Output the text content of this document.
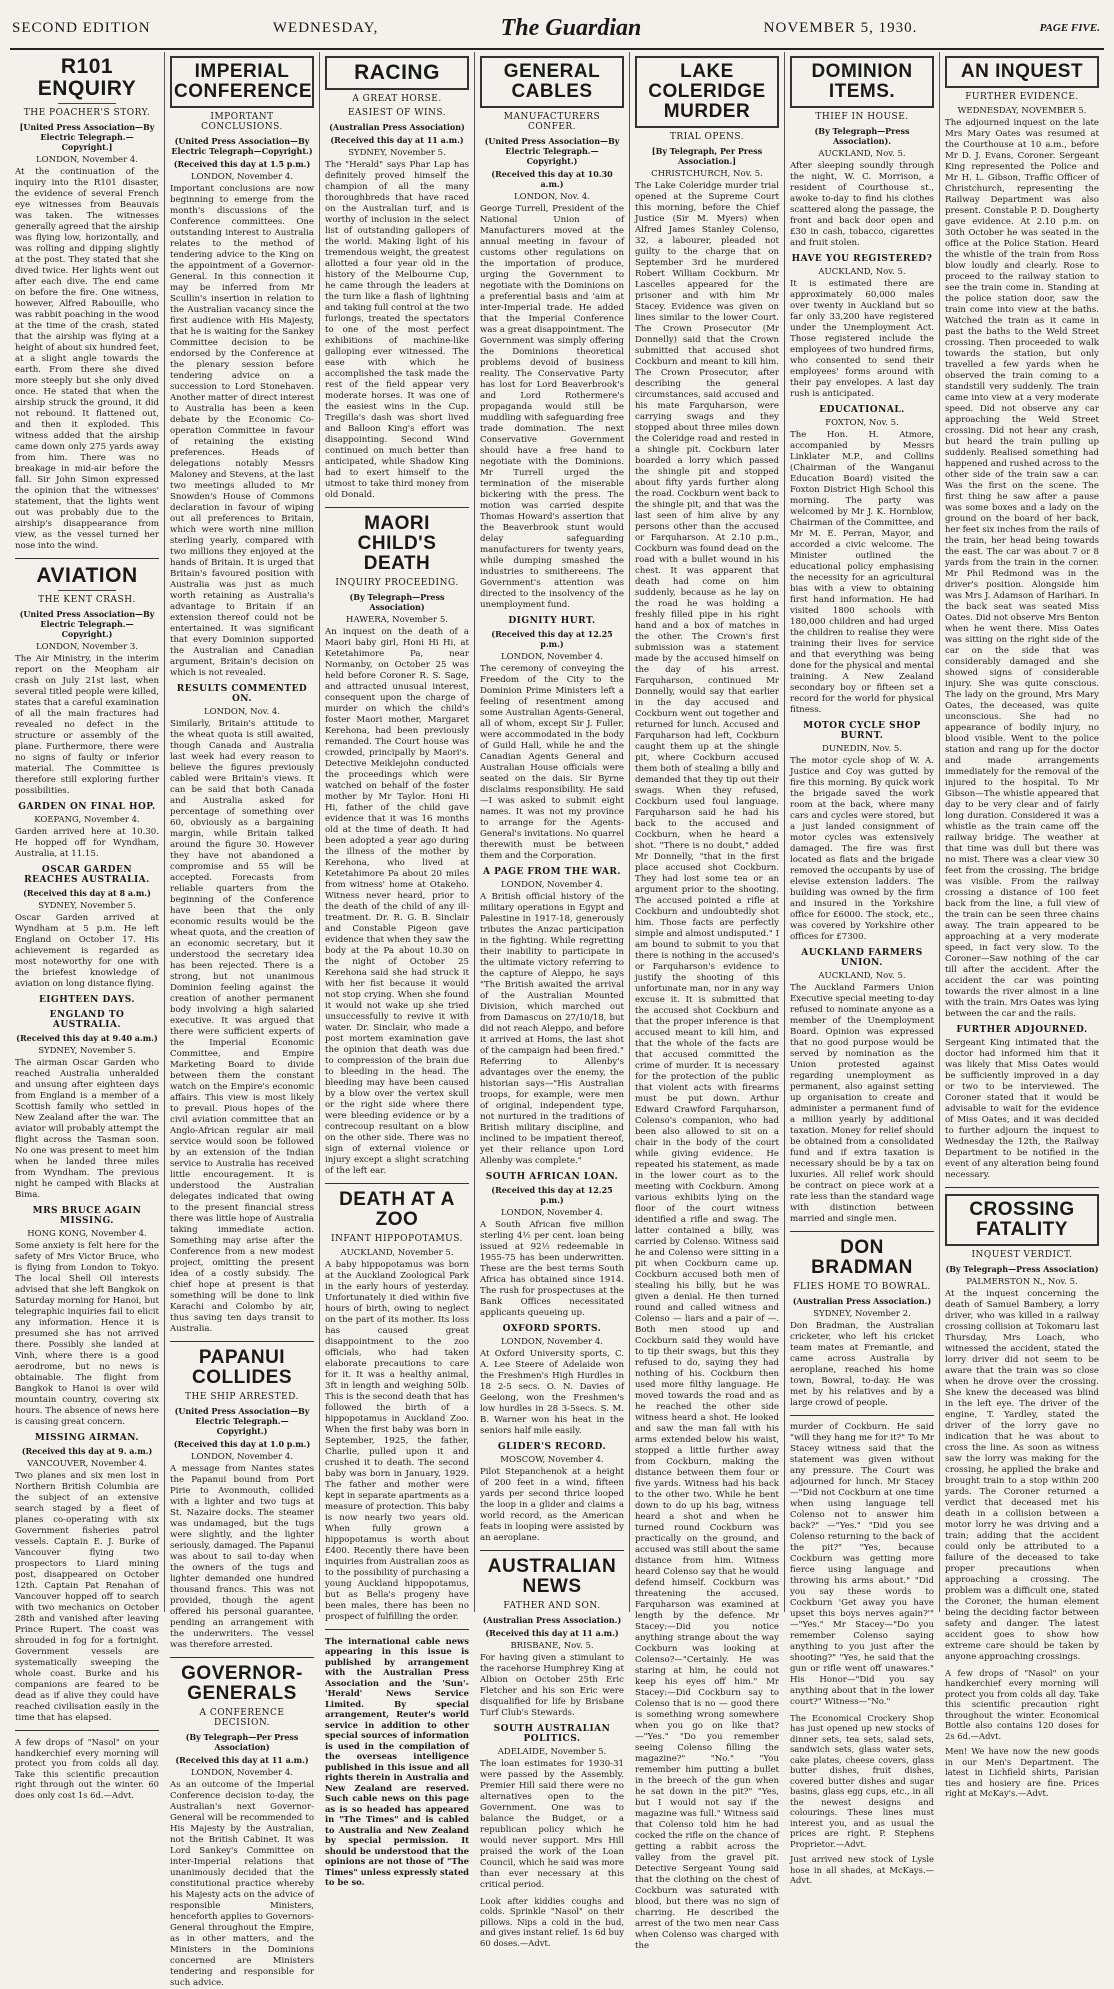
SECOND EDITION	WEDNESDAY,	The Guardian	NOVEMBER 5, 1930.	PAGE FIVE.
R101 ENQUIRY
THE POACHER'S STORY.
[United Press Association—By Electric Telegraph.—Copyright.]
LONDON, November 4.
At the continuation of the inquiry into the R101 disaster, the evidence of several French eye witnesses from Beauvais was taken. The witnesses generally agreed that the airship was flying low, horizontally, and was rolling and dipping slightly at the post. They stated that she dived twice. Her lights went out after each dive. The end came on before the fire. One witness, however, Alfred Rabouille, who was rabbit poaching in the wood at the time of the crash, stated that the airship was flying at a height of about six hundred feet, at a slight angle towards the earth. From there she dived more steeply but she only dived once. He stated that when the airship struck the ground, it did not rebound. It flattened out, and then it exploded. This witness added that the airship came down only 275 yards away from him. There was no breakage in mid-air before the fall. Sir John Simon expressed the opinion that the witnesses' statement, that the lights went out was probably due to the airship's disappearance from view, as the vessel turned her nose into the wind.
AVIATION
THE KENT CRASH.
(United Press Association—By Electric Telegraph.—Copyright.)
LONDON, November 3.
The Air Ministry, in the interim report on the Meopham air crash on July 21st last, when several titled people were killed, states that a careful examination of all the main fractures had revealed no defect in the structure or assembly of the plane. Furthermore, there were no signs of faulty or inferior material. The Committee is therefore still exploring further possibilities.
GARDEN ON FINAL HOP.
KOEPANG, November 4.
Garden arrived here at 10.30. He hopped off for Wyndham, Australia, at 11.15.
OSCAR GARDEN REACHES AUSTRALIA.
(Received this day at 8 a.m.)
SYDNEY, November 5.
Oscar Garden arrived at Wyndham at 5 p.m. He left England on October 17. His achievement is regarded as most noteworthy for one with the briefest knowledge of aviation on long distance flying.
EIGHTEEN DAYS.
ENGLAND TO AUSTRALIA.
(Received this day at 9.40 a.m.)
SYDNEY, November 5.
The airman Oscar Garden who reached Australia unheralded and unsung after eighteen days from England is a member of a Scottish family who settled in New Zealand after the war. The aviator will probably attempt the flight across the Tasman soon. No one was present to meet him when he landed three miles from Wyndham. The previous night he camped with Blacks at Bima.
MRS BRUCE AGAIN MISSING.
HONG KONG, November 4.
Some anxiety is felt here for the safety of Mrs Victor Bruce, who is flying from London to Tokyo. The local Shell Oil interests advised that she left Bangkok on Saturday morning for Hanoi, but telegraphic inquiries fail to elicit any information. Hence it is presumed she has not arrived there. Possibly she landed at Vinh, where there is a good aerodrome, but no news is obtainable. The flight from Bangkok to Hanoi is over wild mountain country, covering six hours. The absence of news here is causing great concern.
MISSING AIRMAN.
(Received this day at 9. a.m.)
VANCOUVER, November 4.
Two planes and six men lost in Northern British Columbia are the subject of an extensive search staged by a fleet of planes co-operating with six Government fisheries patrol vessels. Captain E. J. Burke of Vancouver flying two prospectors to Liard mining post, disappeared on October 12th. Captain Pat Renahan of Vancouver hopped off to search with two mechanics on October 28th and vanished after leaving Prince Rupert. The coast was shrouded in fog for a fortnight. Government vessels are systematically sweeping the whole coast. Burke and his companions are feared to be dead as if alive they could have reached civilisation easily in the time that has elapsed.
A few drops of "Nasol" on your handkerchief every morning will protect you from colds all day. Take this scientific precaution right through out the winter. 60 does only cost 1s 6d.—Advt.
IMPERIAL CONFERENCE
IMPORTANT CONCLUSIONS.
(United Press Association—By Electric Telegraph—Copyright.)
(Received this day at 1.5 p.m.)
LONDON, November 4.
Important conclusions are now beginning to emerge from the month's discussions of the Conference committees. One outstanding interest to Australia relates to the method of tendering advice to the King on the appointment of a Governor-General. In this connection it may be inferred from Mr Scullin's insertion in relation to the Australian vacancy since the first audience with His Majesty, that he is waiting for the Sankey Committee decision to be endorsed by the Conference at the plenary session before tendering advice on a succession to Lord Stonehaven. Another matter of direct interest to Australia has been a keen debate by the Economic Co-operation Committee in favour of retaining the existing preferences. Heads of delegations notably Messrs Maloney and Stevens, at the last two meetings alluded to Mr Snowden's House of Commons declaration in favour of wiping out all preferences to Britain, which were worth nine million sterling yearly, compared with two millions they enjoyed at the hands of Britain. It is urged that Britain's favoured position with Australia was just as much worth retaining as Australia's advantage to Britain if an extension thereof could not be entertained. It was significant that every Dominion supported the Australian and Canadian argument, Britain's decision on which is not revealed.
RESULTS COMMENTED ON.
LONDON, Nov. 4.
Similarly, Britain's attitude to the wheat quota is still awaited, though Canada and Australia last week had every reason to believe the figures previously cabled were Britain's views. It can be said that both Canada and Australia asked for percentage of something over 60, obviously as a bargaining margin, while Britain talked around the figure 30. However they have not abandoned a compromise and 55 will be accepted. Forecasts from reliable quarters from the beginning of the Conference have been that the only economic results would be the wheat quota, and the creation of an economic secretary, but it understood the secretary idea has been rejected. There is a strong, but not unanimous Dominion feeling against the creation of another permanent body involving a high salaried executive. It was argued that there were sufficient experts of the Imperial Economic Committee, and Empire Marketing Board to divide between them the constant watch on the Empire's economic affairs. This view is most likely to prevail. Pious hopes of the civil aviation committee that an Anglo-African regular air mail service would soon be followed by an extension of the Indian service to Australia has received little encouragement. It is understood the Australian delegates indicated that owing to the present financial stress there was little hope of Australia taking immediate action. Something may arise after the Conference from a new modest project, omitting the present idea of a costly subsidy. The chief hope at present is that something will be done to link Karachi and Colombo by air, thus saving ten days transit to Australia.
PAPANUI COLLIDES
THE SHIP ARRESTED.
(United Press Association—By Electric Telegraph.—Copyright.)
(Received this day at 1.0 p.m.)
LONDON, November 4.
A message from Nantes states the Papanui bound from Port Pirie to Avonmouth, collided with a lighter and two tugs at St. Nazaire docks. The steamer was undamaged, but the tugs were slightly, and the lighter seriously, damaged. The Papanui was about to sail to-day when the owners of the tugs and lighter demanded one hundred thousand francs. This was not provided, though the agent offered his personal guarantee, pending an arrangement with the underwriters. The vessel was therefore arrested.
GOVERNOR-GENERALS
A CONFERENCE DECISION.
(By Telegraph—Per Press Association)
(Received this day at 11 a.m.)
LONDON, November 4.
As an outcome of the Imperial Conference decision to-day, the Australian's next Governor-General will be recommended to His Majesty by the Australian, not the British Cabinet. It was Lord Sankey's Committee on inter-Imperial relations that unanimously decided that the constitutional practice whereby his Majesty acts on the advice of responsible Ministers, henceforth applies to Governors-General throughout the Empire, as in other matters, and the Ministers in the Dominions concerned are Ministers tendering and responsible for such advice.
RACING
A GREAT HORSE.
EASIEST OF WINS.
(Australian Press Association)
(Received this day at 11 a.m.)
SYDNEY, November 5.
The "Herald" says Phar Lap has definitely proved himself the champion of all the many thoroughbreds that have raced on the Australian turf, and is worthy of inclusion in the select list of outstanding gallopers of the world. Making light of his tremendous weight, the greatest allotted a four year old in the history of the Melbourne Cup, he came through the leaders at the turn like a flash of lightning and taking full control at the two furlongs, treated the spectators to one of the most perfect exhibitions of machine-like galloping ever witnessed. The ease with which he accomplished the task made the rest of the field appear very moderate horses. It was one of the easiest wins in the Cup. Tregilla's dash was short lived and Balloon King's effort was disappointing. Second Wind continued on much better than anticipated, while Shadow King had to exert himself to the utmost to take third money from old Donald.
MAORI CHILD'S DEATH
INQUIRY PROCEEDING.
(By Telegraph—Press Association)
HAWERA, November 5.
An inquest on the death of a Maori baby girl, Honi Hi Hi, at Ketetahimore Pa, near Normanby, on October 25 was held before Coroner R. S. Sage, and attracted unusual interest, consequent upon the charge of murder on which the child's foster Maori mother, Margaret Kerehona, had been previously remanded. The Court house was crowded, principally by Maori's. Detective Meiklejohn conducted the proceedings which were watched on behalf of the foster mother by Mr Taylor. Honi Hi Hi, father of the child gave evidence that it was 16 months old at the time of death. It had been adopted a year ago during the illness of the mother by Kerehona, who lived at Ketetahimore Pa about 20 miles from witness' home at Otakeho. Witness never heard, prior to the death of the child of any ill-treatment. Dr. R. G. B. Sinclair and Constable Pigeon gave evidence that when they saw the body at the Pa about 10.30 on the night of October 25 Kerehona said she had struck it with her fist because it would not stop crying. When she found it would not wake up she tried unsuccessfully to revive it with water. Dr. Sinclair, who made a post mortem examination gave the opinion that death was due to compression of the brain due to bleeding in the head. The bleeding may have been caused by a blow over the vertex skull or the right side where there were bleeding evidence or by a contrecoup resultant on a blow on the other side. There was no sign of external violence or injury except a slight scratching of the left ear.
DEATH AT A ZOO
INFANT HIPPOPOTAMUS.
AUCKLAND, November 5.
A baby hippopotamus was born at the Auckland Zoological Park in the early hours of yesterday. Unfortunately it died within five hours of birth, owing to neglect on the part of its mother. Its loss has caused great disappointment to the zoo officials, who had taken elaborate precautions to care for it. It was a healthy animal, 3ft in length and weighing 50lb. This is the second death that has followed the birth of a hippopotamus in Auckland Zoo. When the first baby was born in September, 1925, the father, Charlie, pulled upon it and crushed it to death. The second baby was born in January, 1929. The father and mother were kept in separate apartments as a measure of protection. This baby is now nearly two years old. When fully grown a hippopotamus is worth about £400. Recently there have been inquiries from Australian zoos as to the possibility of purchasing a young Auckland hippopotamus, but as Bella's progeny have been males, there has been no prospect of fulfilling the order.
The international cable news appearing in this issue is published by arrangement with the Australian Press Association and the 'Sun'-'Herald' News Service Limited. By special arrangement, Reuter's world service in addition to other special sources of information is used in the compilation of the overseas intelligence published in this issue and all rights therein in Australia and New Zealand are reserved. Such cable news on this page as is so headed has appeared in "The Times" and is cabled to Australia and New Zealand by special permission. It should be understood that the opinions are not those of "The Times" unless expressly stated to be so.
GENERAL CABLES
MANUFACTURERS CONFER.
(United Press Association—By Electric Telegraph.—Copyright.)
(Received this day at 10.30 a.m.)
LONDON, Nov. 4.
George Turrell, President of the National Union of Manufacturers moved at the annual meeting in favour of customs other regulations on the importation of produce, urging the Government to negotiate with the Dominions on a preferential basis and 'aim at inter-Imperial trade. He added that the Imperial Conference was a great disappointment. The Government was simply offering the Dominions theoretical problems devoid of business reality. The Conservative Party has lost for Lord Beaverbrook's and Lord Rothermere's propaganda would still be muddling with safeguarding free trade domination. The next Conservative Government should have a free hand to negotiate with the Dominions. Mr Turrell urged the termination of the miserable bickering with the press. The motion was carried despite Thomas Howard's assertion that the Beaverbrook stunt would delay safeguarding manufacturers for twenty years, while dumping smashed the industries to smithereens. The Government's attention was directed to the insolvency of the unemployment fund.
DIGNITY HURT.
(Received this day at 12.25 p.m.)
LONDON, November 4.
The ceremony of conveying the Freedom of the City to the Dominion Prime Ministers left a feeling of resentment among some Australian Agents-General, all of whom, except Sir J. Fuller, were accommodated in the body of Guild Hall, while he and the Canadian Agents General and Australian House officials were seated on the dais. Sir Byrne disclaims responsibility. He said—I was asked to submit eight names. It was not my province to arrange for the Agents-General's invitations. No quarrel therewith must be between them and the Corporation.
A PAGE FROM THE WAR.
LONDON, November 4.
A British official history of the military operations in Egypt and Palestine in 1917-18, generously tributes the Anzac participation in the fighting. While regretting their inability to participate in the ultimate victory referring to the capture of Aleppo, he says "The British awaited the arrival of the Australian Mounted Division, which marched out from Damascus on 27/10/18, but did not reach Aleppo, and before it arrived at Homs, the last shot of the campaign had been fired." Referring to Allenby's advantages over the enemy, the historian says—"His Australian troops, for example, were men of original, independent type, not nurtured in the traditions of British military discipline, and inclined to be impatient thereof, yet their reliance upon Lord Allenby was complete."
SOUTH AFRICAN LOAN.
(Received this day at 12.25 p.m.)
LONDON, November 4.
A South African five million sterling 4½ per cent. loan being issued at 92½ redeemable in 1955-75 has been underwritten. These are the best terms South Africa has obtained since 1914. The rush for prospectuses at the Bank Offices necessitated applicants queueing up.
OXFORD SPORTS.
LONDON, November 4.
At Oxford University sports, C. A. Lee Steere of Adelaide won the Freshmen's High Hurdles in 18 2-5 secs. O. N. Davies of Geelong, won the Freshmen's low hurdles in 28 3-5secs. S. M. B. Warner won his heat in the seniors half mile easily.
GLIDER'S RECORD.
MOSCOW, November 4.
Pilot Stepanchenok at a height of 200 feet in a wind, fifteen yards per second thrice looped the loop in a glider and claims a world record, as the American feats in looping were assisted by an aeroplane.
AUSTRALIAN NEWS
FATHER AND SON.
(Australian Press Association.)
(Received this day at 11 a.m.)
BRISBANE, Nov. 5.
For having given a stimulant to the racehorse Humphrey King at Albion on October 25th Eric Fletcher and his son Eric were disqualified for life by Brisbane Turf Club's Stewards.
SOUTH AUSTRALIAN POLITICS.
ADELAIDE, November 5.
The loan estimates for 1930-31 were passed by the Assembly. Premier Hill said there were no alternatives open to the Government. One was to balance the Budget, or a republican policy which he would never support. Mrs Hill praised the work of the Loan Council, which he said was more than ever necessary at this critical period.
Look after kiddies coughs and colds. Sprinkle "Nasol" on their pillows. Nips a cold in the bud, and gives instant relief. 1s 6d buy 60 doses.—Advt.
LAKE COLERIDGE MURDER
TRIAL OPENS.
[By Telegraph, Per Press Association.]
CHRISTCHURCH, Nov. 5.
The Lake Coleridge murder trial opened at the Supreme Court this morning, before the Chief Justice (Sir M. Myers) when Alfred James Stanley Colenso, 32, a labourer, pleaded not guilty to the charge that on September 3rd he murdered Robert William Cockburn. Mr Lascelles appeared for the prisoner and with him Mr Stacey. Evidence was given on lines similar to the lower Court. The Crown Prosecutor (Mr Donnelly) said that the Crown submitted that accused shot Cockburn and meant to kill him. The Crown Prosecutor, after describing the general circumstances, said accused and his mate Farquharson, were carrying swags and they stopped about three miles down the Coleridge road and rested in a shingle pit. Cockburn later boarded a lorry which passed the shingle pit and stopped about fifty yards further along the road. Cockburn went back to the shingle pit, and that was the last seen of him alive by any persons other than the accused or Farquharson. At 2.10 p.m., Cockburn was found dead on the road with a bullet wound in his chest. It was apparent that death had come on him suddenly, because as he lay on the road he was holding a freshly filled pipe in his right hand and a box of matches in the other. The Crown's first submission was a statement made by the accused himself on the day of his arrest. Farquharson, continued Mr Donnelly, would say that earlier in the day accused and Cockburn went out together and returned for lunch. Accused and Farquharson had left, Cockburn caught them up at the shingle pit, where Cockburn accused them both of stealing a billy and demanded that they tip out their swags. When they refused, Cockburn used foul language. Farquharson said he had his back to the accused and Cockburn, when he heard a shot. "There is no doubt," added Mr Donnelly, "that in the first place accused shot Cockburn. They had lost some tea or an argument prior to the shooting. The accused pointed a rifle at Cockburn and undoubtedly shot him. Those facts are perfectly simple and almost undisputed." I am bound to submit to you that there is nothing in the accused's or Farquharson's evidence to justify the shooting of this unfortunate man, nor in any way excuse it. It is submitted that the accused shot Cockburn and that the proper inference is that accused meant to kill him, and that the whole of the facts are that accused committed the crime of murder. It is necessary for the protection of the public that violent acts with firearms must be put down. Arthur Edward Crawford Farquharson, Colenso's companion, who had been also allowed to sit on a chair in the body of the court while giving evidence. He repeated his statement, as made in the lower court as to the meeting with Cockburn. Among various exhibits lying on the floor of the court witness identified a rifle and swag. The latter contained a billy, was carried by Colenso. Witness said he and Colenso were sitting in a pit when Cockburn came up. Cockburn accused both men of stealing his billy, but he was given a denial. He then turned round and called witness and Colenso — liars and a pair of —. Both men stood up and Cockburn said they would have to tip their swags, but this they refused to do, saying they had nothing of his. Cockburn then used more filthy language. He moved towards the road and as he reached the other side witness heard a shot. He looked and saw the man fall with his arms extended below his waist, stopped a little further away from Cockburn, making the distance between them four or five yards. Witness had his back to the other two. While he bent down to do up his bag, witness heard a shot and when he turned round Cockburn was practically on the ground, and accused was still about the same distance from him. Witness heard Colenso say that he would defend himself. Cockburn was threatening the accused. Farquharson was examined at length by the defence. Mr Stacey:—Did you notice anything strange about the way Cockburn was looking at Colenso?—"Certainly. He was staring at him, he could not keep his eyes off him." Mr Stacey:—Did Cockburn say to Colenso that is no — good there is something wrong somewhere when you go on like that?—"Yes." "Do you remember seeing Colenso filling the magazine?" "No." "You remember him putting a bullet in the breech of the gun when he sat down in the pit?" "Yes, but I would not say if the magazine was full." Witness said that Colenso told him he had cocked the rifle on the chance of getting a rabbit across the valley from the gravel pit. Detective Sergeant Young said that the clothing on the chest of Cockburn was saturated with blood, but there was no sign of charring. He described the arrest of the two men near Cass when Colenso was charged with the
DOMINION ITEMS.
THIEF IN HOUSE.
(By Telegraph—Press Association).
AUCKLAND, Nov. 5.
After sleeping soundly through the night, W. C. Morrison, a resident of Courthouse st., awoke to-day to find his clothes scattered along the passage, the front and back door open and £30 in cash, tobacco, cigarettes and fruit stolen.
HAVE YOU REGISTERED?
AUCKLAND, Nov. 5.
It is estimated there are approximately 60,000 males over twenty in Auckland but so far only 33,200 have registered under the Unemployment Act. Those registered include the employees of two hundred firms, who consented to send their employees' forms around with their pay envelopes. A last day rush is anticipated.
EDUCATIONAL.
FOXTON, Nov. 5.
The Hon. H. Atmore, accompanied by Messrs Linklater M.P., and Collins (Chairman of the Wanganui Education Board) visited the Foxton District High School this morning. The party was welcomed by Mr J. K. Hornblow, Chairman of the Committee, and Mr M. E. Perran, Mayor, and accorded a civic welcome. The Minister outlined the educational policy emphasising the necessity for an agricultural bias with a view to obtaining first hand information. He had visited 1800 schools with 180,000 children and had urged the children to realise they were training their lives for service and that everything was being done for the physical and mental training. A New Zealand secondary boy or fifteen set a record for the world for physical fitness.
MOTOR CYCLE SHOP BURNT.
DUNEDIN, Nov. 5.
The motor cycle shop of W. A. Justice and Coy was gutted by fire this morning. By quick work the brigade saved the work room at the back, where many cars and cycles were stored, but a just landed consignment of motor cycles was extensively damaged. The fire was first located as flats and the brigade removed the occupants by use of elevise extension ladders. The building was owned by the firm and insured in the Yorkshire office for £6000. The stock, etc., was covered by Yorkshire other offices for £7300.
AUCKLAND FARMERS UNION.
AUCKLAND, Nov. 5.
The Auckland Farmers Union Executive special meeting to-day refused to nominate anyone as a member of the Unemployment Board. Opinion was expressed that no good purpose would be served by nomination as the Union protested against regarding unemployment as permanent, also against setting up organisation to create and administer a permanent fund of a million yearly by additional taxation. Money for relief should be obtained from a consolidated fund and if extra taxation is necessary should be by a tax on luxuries. All relief work should be contract on piece work at a rate less than the standard wage with distinction between married and single men.
DON BRADMAN
FLIES HOME TO BOWRAL.
(Australian Press Association.)
SYDNEY, November 2.
Don Bradman, the Australian cricketer, who left his cricket team mates at Fremantle, and came across Australia by aeroplane, reached his home town, Bowral, to-day. He was met by his relatives and by a large crowd of people.
murder of Cockburn. He said "will they hang me for it?" To Mr Stacey witness said that the statement was given without any pressure. The Court was adjourned for lunch. Mr Stacey—"Did not Cockburn at one time when using language tell Colenso not to answer him back?" —"Yes." "Did you see Colenso returning to the back of the pit?" "Yes, because Cockburn was getting more fierce using language and throwing his arms about." "Did you say these words to Cockburn 'Get away you have upset this boys nerves again?'" —"Yes." Mr Stacey—"Do you remember Colenso saying anything to you just after the shooting?" "Yes, he said that the gun or rifle went off unawares." His Honor—"Did you say anything about that in the lower court?" Witness—"No."
The Economical Crockery Shop has just opened up new stocks of dinner sets, tea sets, salad sets, sandwich sets, glass water sets, cake plates, cheese covers, glass butter dishes, fruit dishes, covered butter dishes and sugar basins, glass egg cups, etc., in all the newest designs and colourings. These lines must interest you, and as usual the prices are right. P. Stephens Proprietor.—Advt.
Just arrived new stock of Lysle hose in all shades, at McKays.—Advt.
AN INQUEST
FURTHER EVIDENCE.
WEDNESDAY, NOVEMBER 5.
The adjourned inquest on the late Mrs Mary Oates was resumed at the Courthouse at 10 a.m., before Mr D. J. Evans, Coroner. Sergeant King represented the Police and Mr H. L. Gibson, Traffic Officer of Christchurch, representing the Railway Department was also present. Constable P. D. Dougherty gave evidence. At 2.10 p.m. on 30th October he was seated in the office at the Police Station. Heard the whistle of the train from Ross blow loudly and clearly. Rose to proceed to the railway station to see the train come in. Standing at the police station door, saw the train come into view at the baths. Watched the train as it came in past the baths to the Weld Street crossing. Then proceeded to walk towards the station, but only travelled a few yards when he observed the train coming to a standstill very suddenly. The train came into view at a very moderate speed. Did not observe any car approaching the Weld Street crossing. Did not hear any crash, but heard the train pulling up suddenly. Realised something had happened and rushed across to the other side of the train saw a car. Was the first on the scene. The first thing he saw after a pause was some boxes and a lady on the ground on the board of her back, her feet six inches from the rails of the train, her head being towards the east. The car was about 7 or 8 yards from the train in the corner. Mr Phil Redmond was in the driver's position. Alongside him was Mrs J. Adamson of Harihari. In the back seat was seated Miss Oates. Did not observe Mrs Benton when he went there. Miss Oates was sitting on the right side of the car on the side that was considerably damaged and she showed signs of considerable injury. She was quite conscious. The lady on the ground, Mrs Mary Oates, the deceased, was quite unconscious. She had no appearance of bodily injury, no blood visible. Went to the police station and rang up for the doctor and made arrangements immediately for the removal of the injured to the hospital. To Mr Gibson—The whistle appeared that day to be very clear and of fairly long duration. Considered it was a whistle as the train came off the railway bridge. The weather at that time was dull but there was no mist. There was a clear view 30 feet from the crossing. The bridge was visible. From the railway crossing a distance of 100 feet back from the line, a full view of the train can be seen three chains away. The train appeared to be approaching at a very moderate speed, in fact very slow. To the Coroner—Saw nothing of the car till after the accident. After the accident the car was pointing towards the river almost in a line with the train. Mrs Oates was lying between the car and the rails.
FURTHER ADJOURNED.
Sergeant King intimated that the doctor had informed him that it was likely that Miss Oates would be sufficiently improved in a day or two to be interviewed. The Coroner stated that it would be advisable to wait for the evidence of Miss Oates, and it was decided to further adjourn the inquest to Wednesday the 12th, the Railway Department to be notified in the event of any alteration being found necessary.
CROSSING FATALITY
INQUEST VERDICT.
(By Telegraph—Press Association)
PALMERSTON N., Nov. 5.
At the inquest concerning the death of Samuel Bambery, a lorry driver, who was killed in a railway crossing collision at Tokomaru last Thursday, Mrs Loach, who witnessed the accident, stated the lorry driver did not seem to be aware that the train was so close when he drove over the crossing. She knew the deceased was blind in the left eye. The driver of the engine, T. Yardley, stated the driver of the lorry gave no indication that he was about to cross the line. As soon as witness saw the lorry was making for the crossing, he applied the brake and brought train to a stop within 200 yards. The Coroner returned a verdict that deceased met his death in a collision between a motor lorry he was driving and a train; adding that the accident could only be attributed to a failure of the deceased to take proper precautions when approaching a crossing. The problem was a difficult one, stated the Coroner, the human element being the deciding factor between safety and danger. The latest accident goes to show how extreme care should be taken by anyone approaching crossings.
A few drops of "Nasol" on your handkerchief every morning will protect you from colds all day. Take this scientific precaution right throughout the winter. Economical Bottle also contains 120 doses for 2s 6d.—Advt.
Men! We have now the new goods in our Men's Department. The latest in Lichfield shirts, Parisian ties and hosiery are fine. Prices right at McKay's.—Advt.
